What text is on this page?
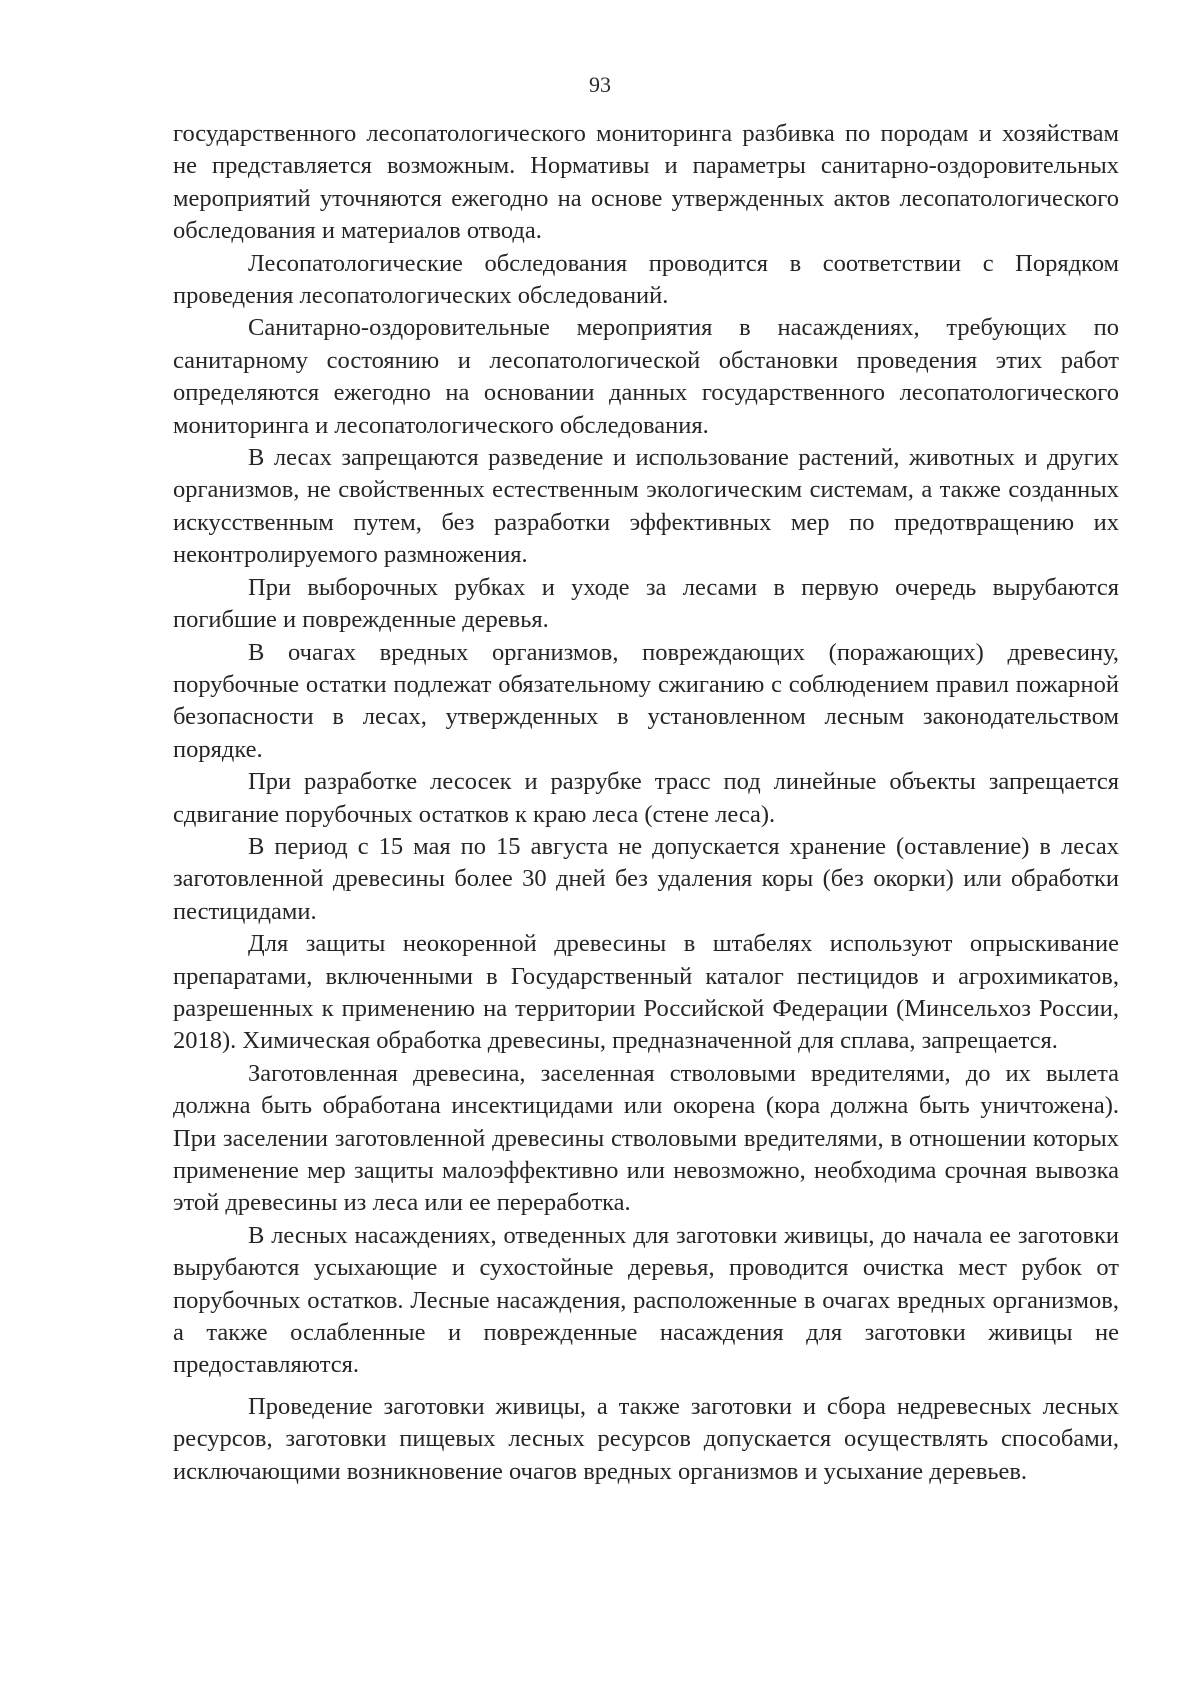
93

государственного лесопатологического мониторинга разбивка по породам и хозяйствам не представляется возможным. Нормативы и параметры санитарно-оздоровительных мероприятий уточняются ежегодно на основе утвержденных актов лесопатологического обследования и материалов отвода.

Лесопатологические обследования проводится в соответствии с Порядком проведения лесопатологических обследований.

Санитарно-оздоровительные мероприятия в насаждениях, требующих по санитарному состоянию и лесопатологической обстановки проведения этих работ определяются ежегодно на основании данных государственного лесопатологического мониторинга и лесопатологического обследования.

В лесах запрещаются разведение и использование растений, животных и других организмов, не свойственных естественным экологическим системам, а также созданных искусственным путем, без разработки эффективных мер по предотвращению их неконтролируемого размножения.

При выборочных рубках и уходе за лесами в первую очередь вырубаются погибшие и поврежденные деревья.

В очагах вредных организмов, повреждающих (поражающих) древесину, порубочные остатки подлежат обязательному сжиганию с соблюдением правил пожарной безопасности в лесах, утвержденных в установленном лесным законодательством порядке.

При разработке лесосек и разрубке трасс под линейные объекты запрещается сдвигание порубочных остатков к краю леса (стене леса).

В период с 15 мая по 15 августа не допускается хранение (оставление) в лесах заготовленной древесины более 30 дней без удаления коры (без окорки) или обработки пестицидами.

Для защиты неокоренной древесины в штабелях используют опрыскивание препаратами, включенными в Государственный каталог пестицидов и агрохимикатов, разрешенных к применению на территории Российской Федерации (Минсельхоз России, 2018). Химическая обработка древесины, предназначенной для сплава, запрещается.

Заготовленная древесина, заселенная стволовыми вредителями, до их вылета должна быть обработана инсектицидами или окорена (кора должна быть уничтожена). При заселении заготовленной древесины стволовыми вредителями, в отношении которых применение мер защиты малоэффективно или невозможно, необходима срочная вывозка этой древесины из леса или ее переработка.

В лесных насаждениях, отведенных для заготовки живицы, до начала ее заготовки вырубаются усыхающие и сухостойные деревья, проводится очистка мест рубок от порубочных остатков. Лесные насаждения, расположенные в очагах вредных организмов, а также ослабленные и поврежденные насаждения для заготовки живицы не предоставляются.

Проведение заготовки живицы, а также заготовки и сбора недревесных лесных ресурсов, заготовки пищевых лесных ресурсов допускается осуществлять способами, исключающими возникновение очагов вредных организмов и усыхание деревьев.
